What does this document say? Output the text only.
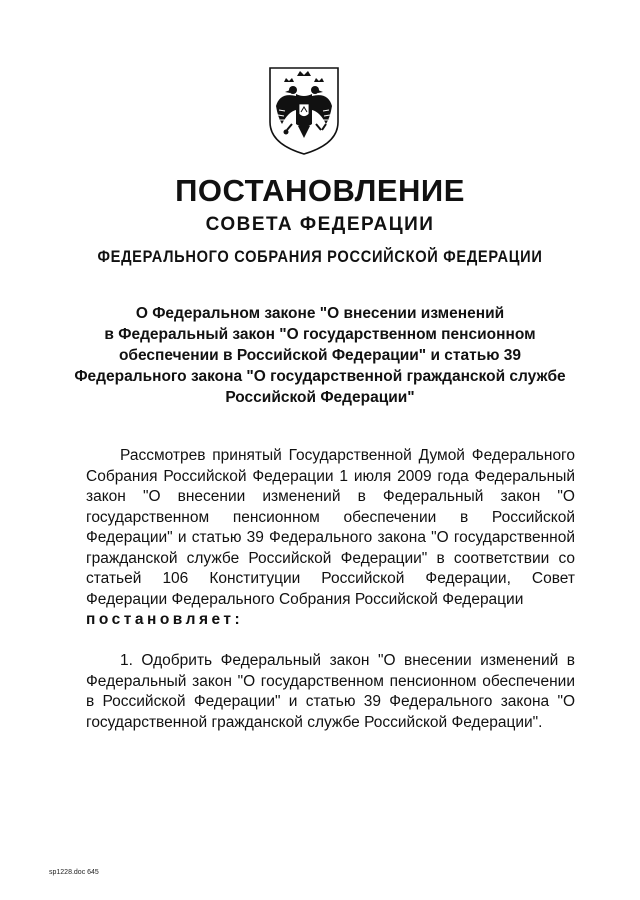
ПОСТАНОВЛЕНИЕ
СОВЕТА ФЕДЕРАЦИИ
ФЕДЕРАЛЬНОГО СОБРАНИЯ РОССИЙСКОЙ ФЕДЕРАЦИИ
О Федеральном законе "О внесении изменений
в Федеральный закон "О государственном пенсионном
обеспечении в Российской Федерации" и статью 39
Федерального закона "О государственной гражданской службе
Российской Федерации"

Рассмотрев принятый Государственной Думой Федерального Собрания Российской Федерации 1 июля 2009 года Федеральный закон "О внесении изменений в Федеральный закон "О государственном пенсионном обеспечении в Российской Федерации" и статью 39 Федерального закона "О государственной гражданской службе Российской Федерации" в соответствии со статьей 106 Конституции Российской Федерации, Совет Федерации Федерального Собрания Российской Федерации
постановляет:

1. Одобрить Федеральный закон "О внесении изменений в Федеральный закон "О государственном пенсионном обеспечении в Российской Федерации" и статью 39 Федерального закона "О государственной гражданской службе Российской Федерации".

sp1228.doc 645
